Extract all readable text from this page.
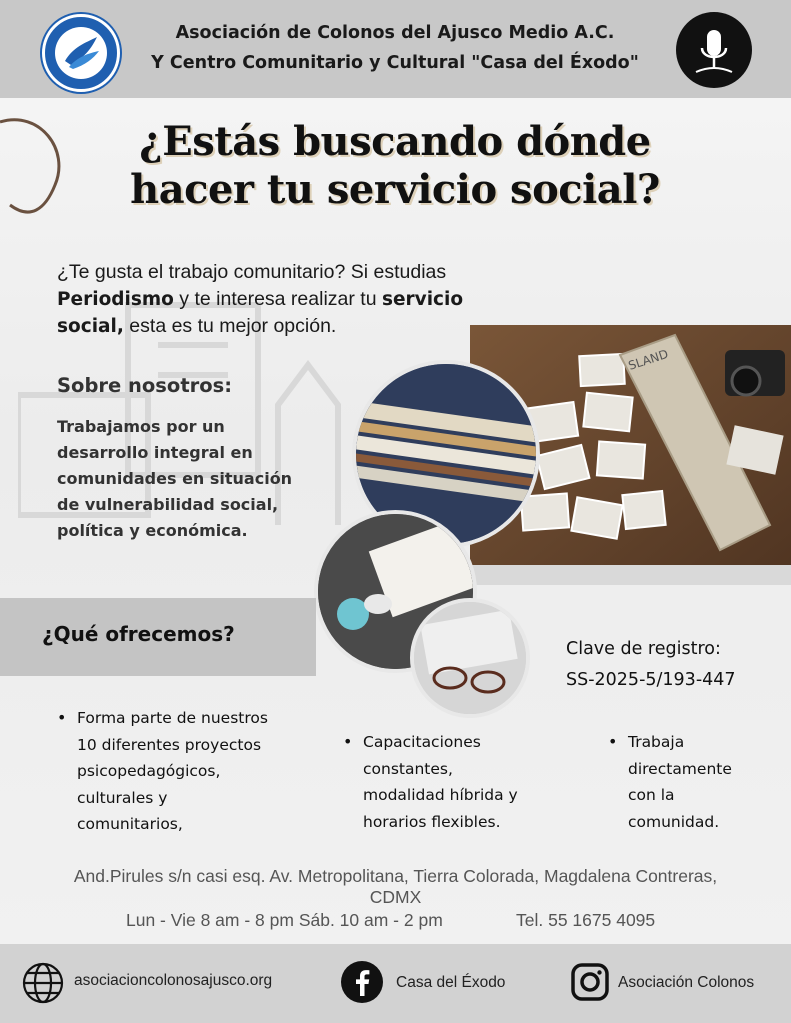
Asociación de Colonos del Ajusco Medio A.C.
Y Centro Comunitario y Cultural "Casa del Éxodo"
¿Estás buscando dónde
hacer tu servicio social?
¿Te gusta el trabajo comunitario? Si estudias
Periodismo y te interesa realizar tu servicio
social, esta es tu mejor opción.
SLAND
Sobre nosotros:
Trabajamos por un
desarrollo integral en
comunidades en situación
de vulnerabilidad social,
política y económica.
¿Qué ofrecemos?
Clave de registro:
SS-2025-5/193-447
• Forma parte de nuestros
10 diferentes proyectos
psicopedagógicos,
culturales y
comunitarios,
• Capacitaciones
constantes,
modalidad híbrida y
horarios flexibles.
• Trabaja
directamente
con la
comunidad.
And.Pirules s/n casi esq. Av. Metropolitana, Tierra Colorada, Magdalena Contreras,
CDMX
Lun - Vie 8 am - 8 pm Sáb. 10 am - 2 pm	Tel. 55 1675 4095
asociacioncolonosajusco.org	Casa del Éxodo	Asociación Colonos
